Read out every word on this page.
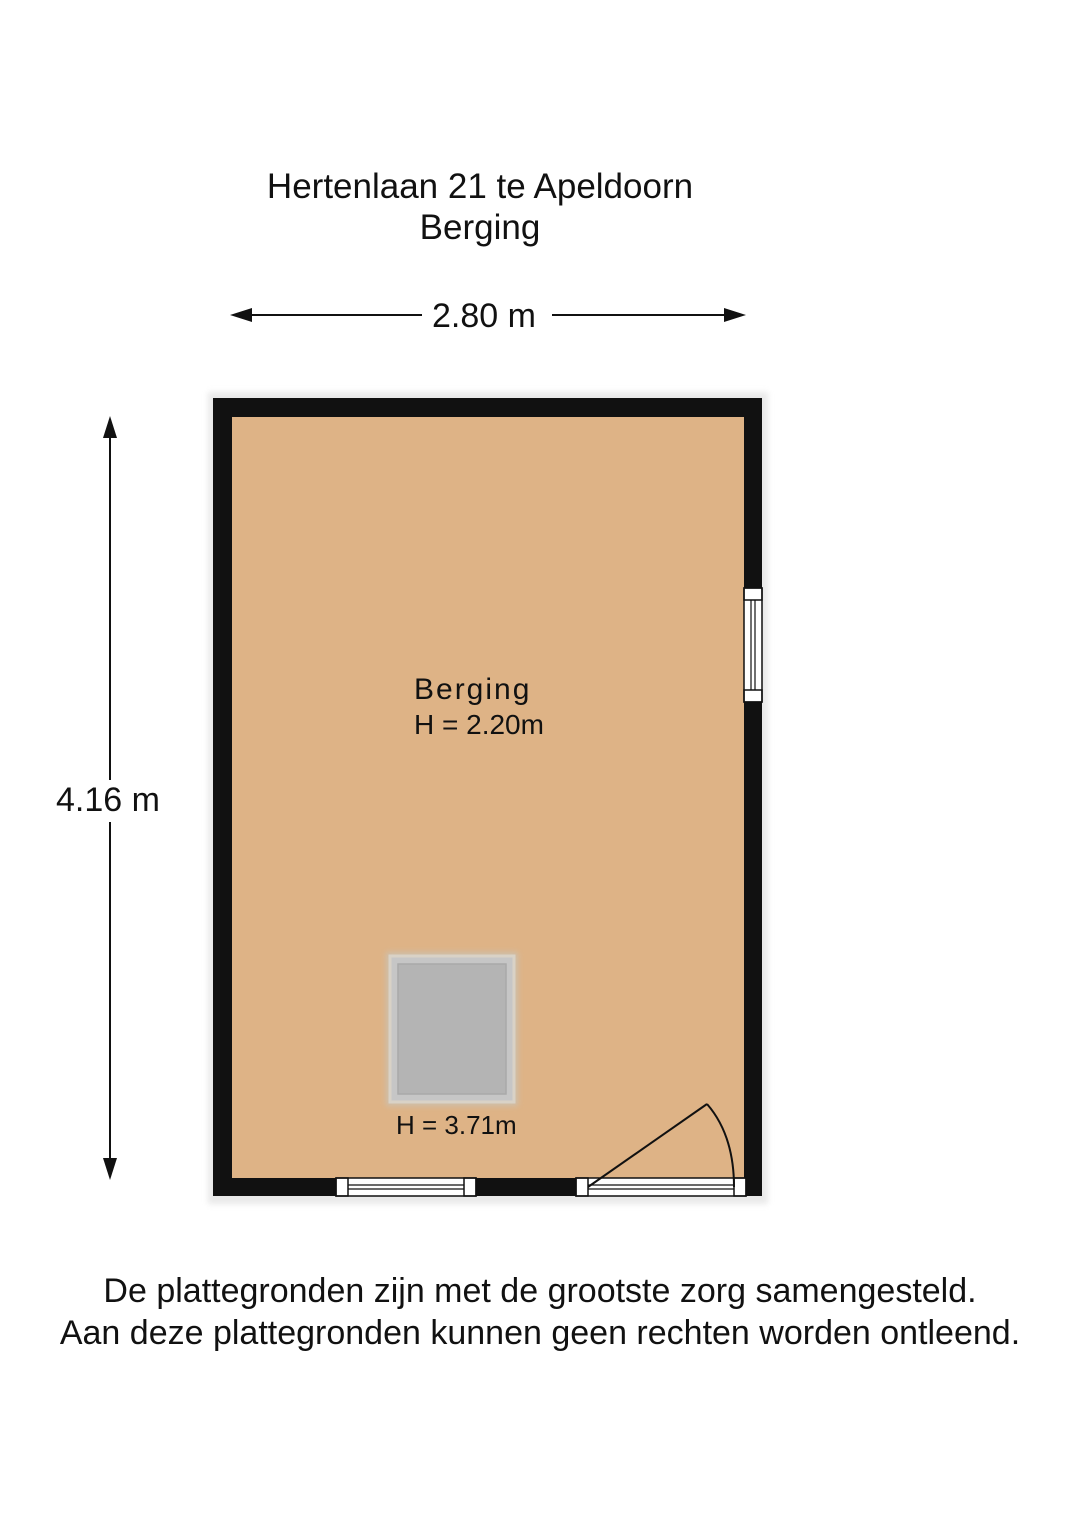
Hertenlaan 21 te Apeldoorn
Berging
2.80 m
4.16 m
Berging
H = 2.20m
H = 3.71m
De plattegronden zijn met de grootste zorg samengesteld.
Aan deze plattegronden kunnen geen rechten worden ontleend.
